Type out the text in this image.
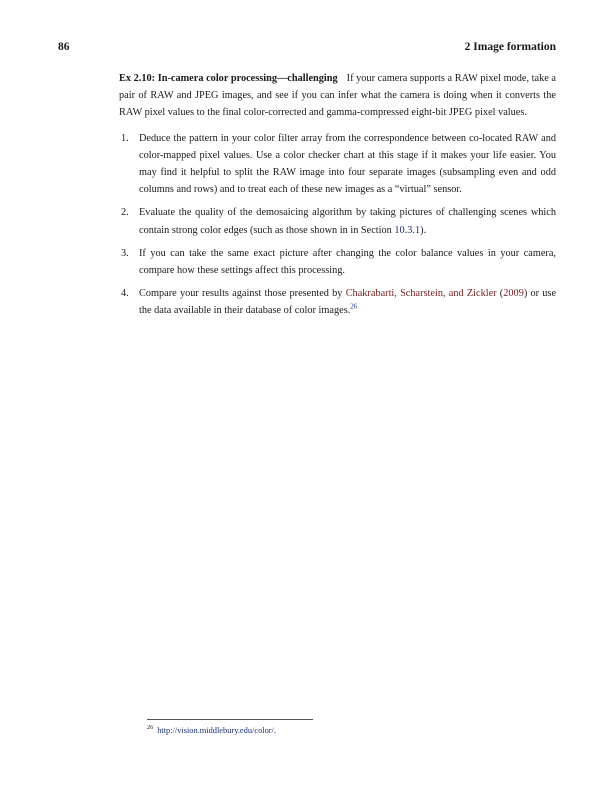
86	2 Image formation

Ex 2.10: In-camera color processing—challenging If your camera supports a RAW pixel mode, take a pair of RAW and JPEG images, and see if you can infer what the camera is doing when it converts the RAW pixel values to the final color-corrected and gamma-compressed eight-bit JPEG pixel values.

1. Deduce the pattern in your color filter array from the correspondence between co-located RAW and color-mapped pixel values. Use a color checker chart at this stage if it makes your life easier. You may find it helpful to split the RAW image into four separate images (subsampling even and odd columns and rows) and to treat each of these new images as a “virtual” sensor.
2. Evaluate the quality of the demosaicing algorithm by taking pictures of challenging scenes which contain strong color edges (such as those shown in in Section 10.3.1).
3. If you can take the same exact picture after changing the color balance values in your camera, compare how these settings affect this processing.
4. Compare your results against those presented by Chakrabarti, Scharstein, and Zickler (2009) or use the data available in their database of color images.$^{26}$
$^{26}$ http://vision.middlebury.edu/color/.
